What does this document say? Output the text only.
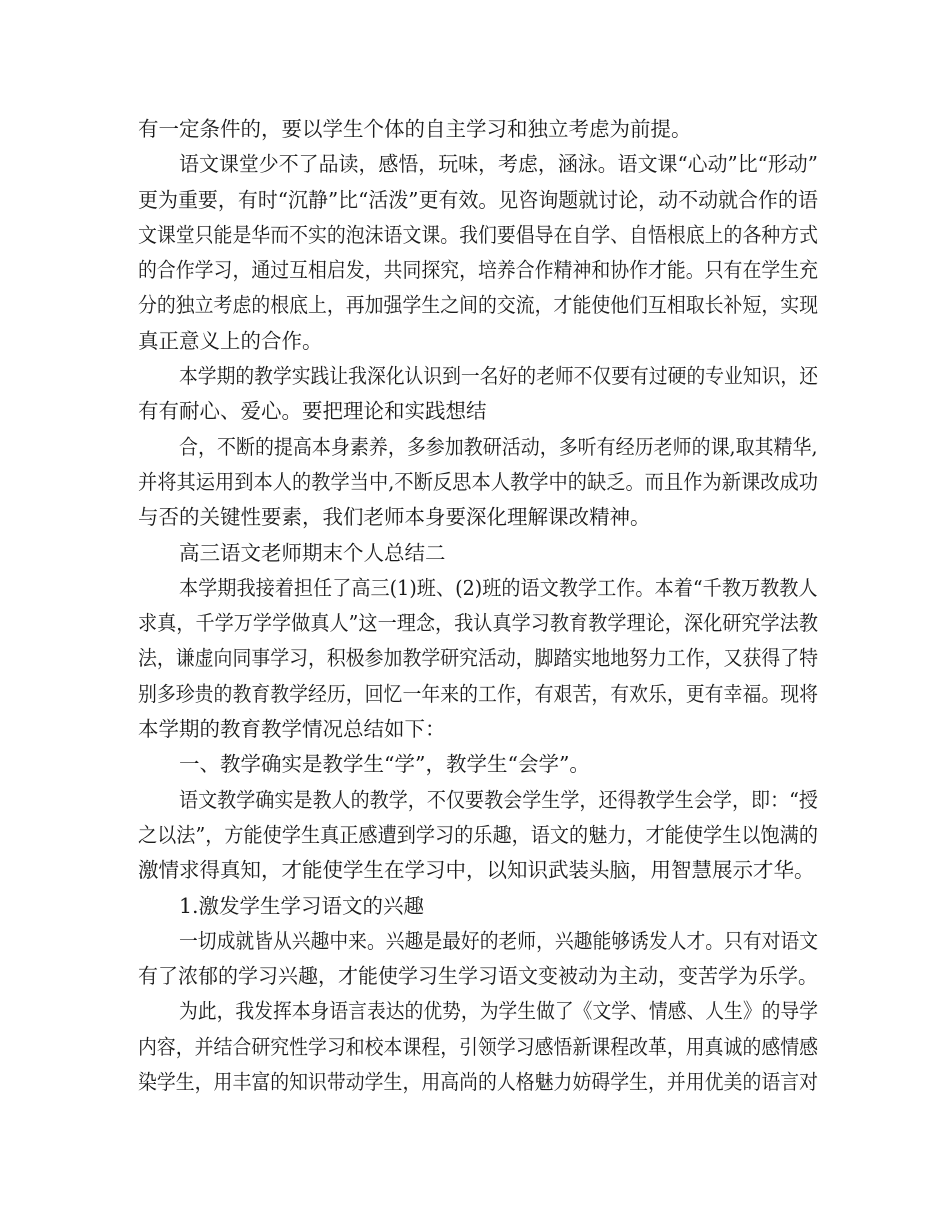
有一定条件的，要以学生个体的自主学习和独立考虑为前提。
语文课堂少不了品读，感悟，玩味，考虑，涵泳。语文课“心动”比“形动”
更为重要，有时“沉静”比“活泼”更有效。见咨询题就讨论，动不动就合作的语
文课堂只能是华而不实的泡沫语文课。我们要倡导在自学、自悟根底上的各种方式
的合作学习，通过互相启发，共同探究，培养合作精神和协作才能。只有在学生充
分的独立考虑的根底上，再加强学生之间的交流，才能使他们互相取长补短，实现
真正意义上的合作。
本学期的教学实践让我深化认识到一名好的老师不仅要有过硬的专业知识，还
有有耐心、爱心。要把理论和实践想结
合，不断的提高本身素养，多参加教研活动，多听有经历老师的课,取其精华,
并将其运用到本人的教学当中,不断反思本人教学中的缺乏。而且作为新课改成功
与否的关键性要素，我们老师本身要深化理解课改精神。
高三语文老师期末个人总结二
本学期我接着担任了高三(1)班、(2)班的语文教学工作。本着“千教万教教人
求真，千学万学学做真人”这一理念，我认真学习教育教学理论，深化研究学法教
法，谦虚向同事学习，积极参加教学研究活动，脚踏实地地努力工作，又获得了特
别多珍贵的教育教学经历，回忆一年来的工作，有艰苦，有欢乐，更有幸福。现将
本学期的教育教学情况总结如下：
一、教学确实是教学生“学”，教学生“会学”。
语文教学确实是教人的教学，不仅要教会学生学，还得教学生会学，即：“授
之以法”，方能使学生真正感遭到学习的乐趣，语文的魅力，才能使学生以饱满的
激情求得真知，才能使学生在学习中，以知识武装头脑，用智慧展示才华。
1.激发学生学习语文的兴趣
一切成就皆从兴趣中来。兴趣是最好的老师，兴趣能够诱发人才。只有对语文
有了浓郁的学习兴趣，才能使学习生学习语文变被动为主动，变苦学为乐学。
为此，我发挥本身语言表达的优势，为学生做了《文学、情感、人生》的导学
内容，并结合研究性学习和校本课程，引领学习感悟新课程改革，用真诚的感情感
染学生，用丰富的知识带动学生，用高尚的人格魅力妨碍学生，并用优美的语言对
